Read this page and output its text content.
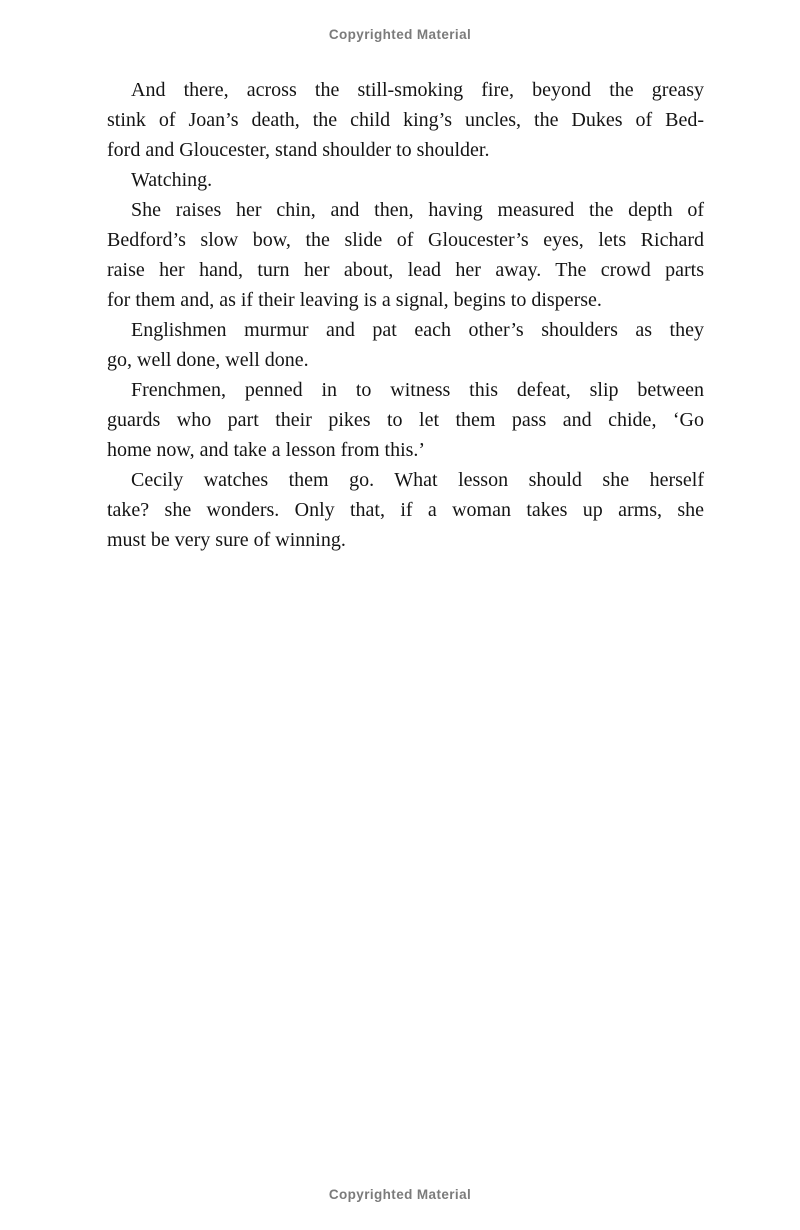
Copyrighted Material
And there, across the still-smoking fire, beyond the greasy
stink of Joan’s death, the child king’s uncles, the Dukes of Bed-
ford and Gloucester, stand shoulder to shoulder.
Watching.
She raises her chin, and then, having measured the depth of
Bedford’s slow bow, the slide of Gloucester’s eyes, lets Richard
raise her hand, turn her about, lead her away. The crowd parts
for them and, as if their leaving is a signal, begins to disperse.
Englishmen murmur and pat each other’s shoulders as they
go, well done, well done.
Frenchmen, penned in to witness this defeat, slip between
guards who part their pikes to let them pass and chide, ‘Go
home now, and take a lesson from this.’
Cecily watches them go. What lesson should she herself
take? she wonders. Only that, if a woman takes up arms, she
must be very sure of winning.
Copyrighted Material
